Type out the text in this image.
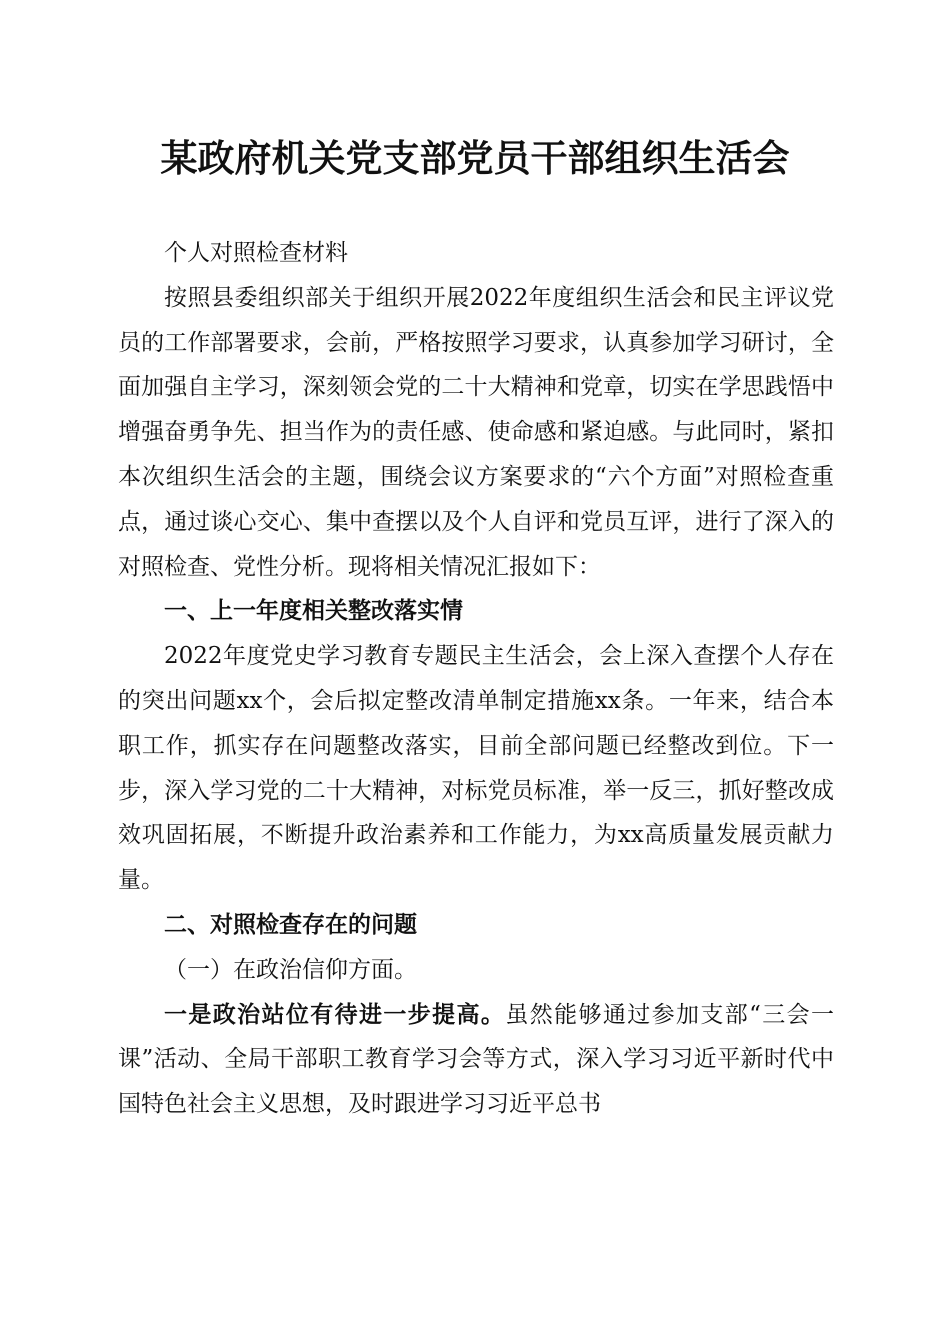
某政府机关党支部党员干部组织生活会

个人对照检查材料

按照县委组织部关于组织开展2022年度组织生活会和民主评议党员的工作部署要求，会前，严格按照学习要求，认真参加学习研讨，全面加强自主学习，深刻领会党的二十大精神和党章，切实在学思践悟中增强奋勇争先、担当作为的责任感、使命感和紧迫感。与此同时，紧扣本次组织生活会的主题，围绕会议方案要求的“六个方面”对照检查重点，通过谈心交心、集中查摆以及个人自评和党员互评，进行了深入的对照检查、党性分析。现将相关情况汇报如下：

一、上一年度相关整改落实情

2022年度党史学习教育专题民主生活会，会上深入查摆个人存在的突出问题xx个，会后拟定整改清单制定措施xx条。一年来，结合本职工作，抓实存在问题整改落实，目前全部问题已经整改到位。下一步，深入学习党的二十大精神，对标党员标准，举一反三，抓好整改成效巩固拓展，不断提升政治素养和工作能力，为xx高质量发展贡献力量。

二、对照检查存在的问题

（一）在政治信仰方面。

一是政治站位有待进一步提高。虽然能够通过参加支部“三会一课”活动、全局干部职工教育学习会等方式，深入学习习近平新时代中国特色社会主义思想，及时跟进学习习近平总书
